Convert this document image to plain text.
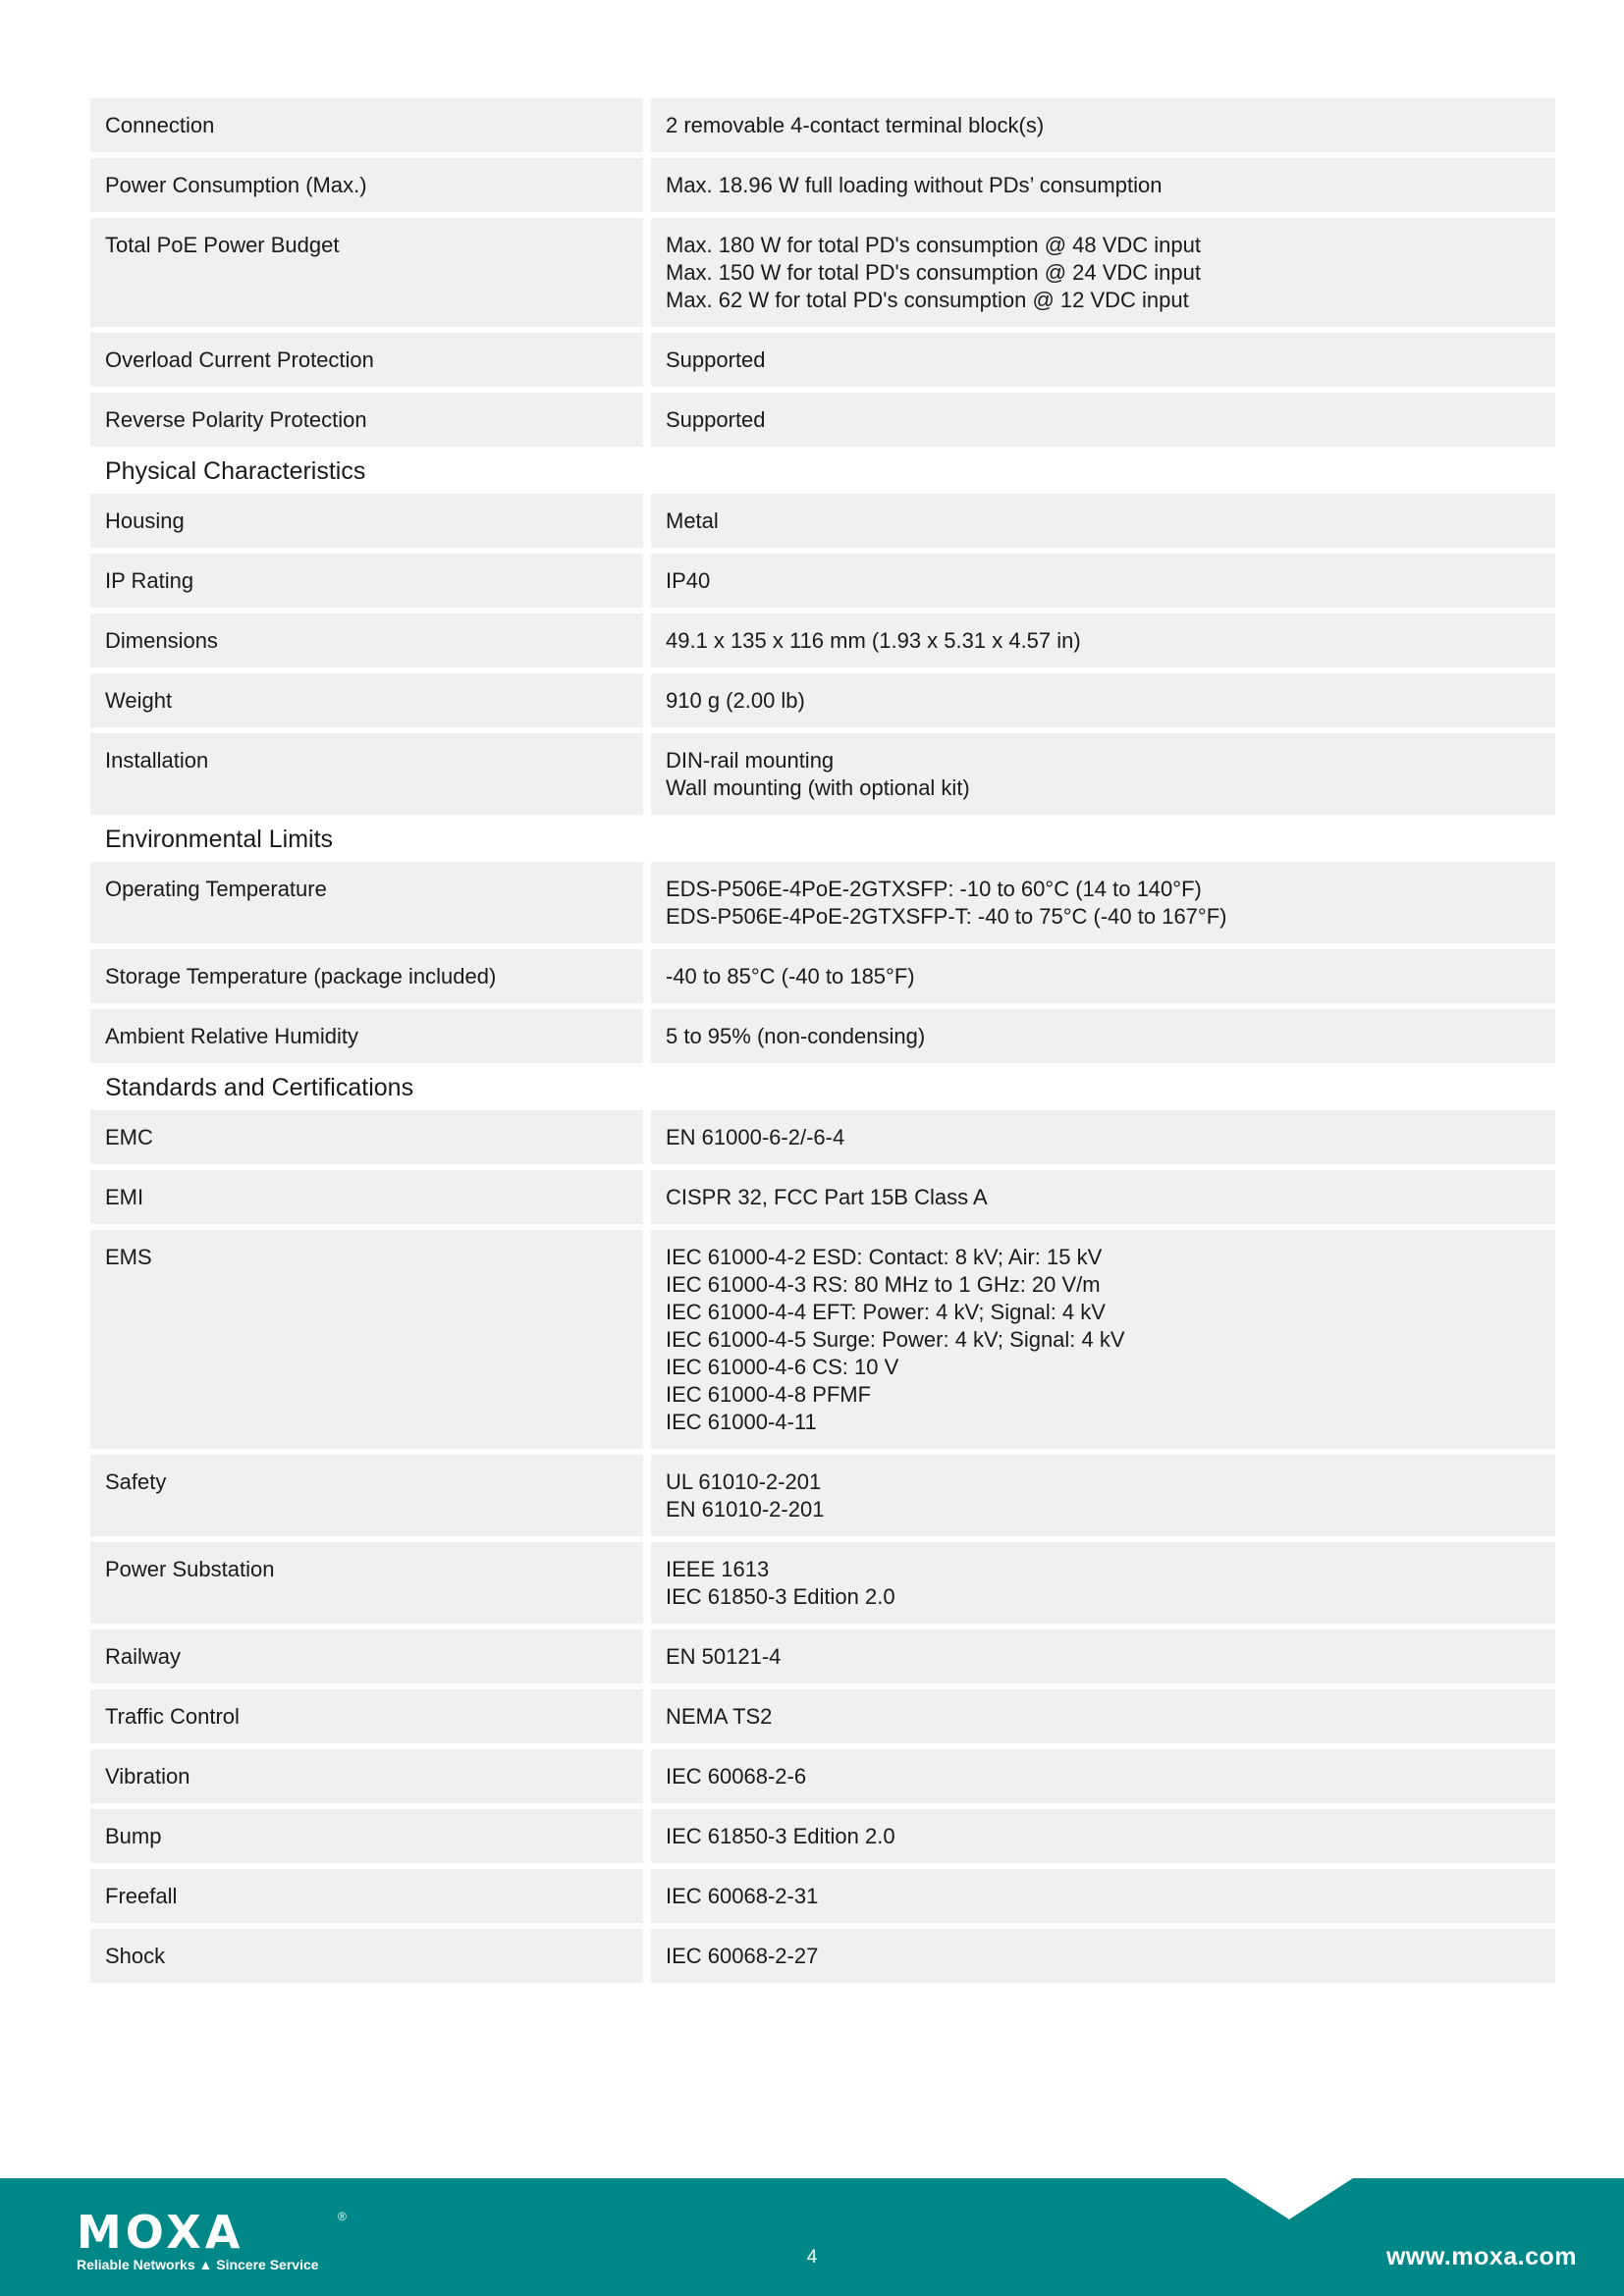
Connection	2 removable 4-contact terminal block(s)
Power Consumption (Max.)	Max. 18.96 W full loading without PDs’ consumption
Total PoE Power Budget	Max. 180 W for total PD's consumption @ 48 VDC input
Max. 150 W for total PD's consumption @ 24 VDC input
Max. 62 W for total PD's consumption @ 12 VDC input
Overload Current Protection	Supported
Reverse Polarity Protection	Supported
Physical Characteristics
Housing	Metal
IP Rating	IP40
Dimensions	49.1 x 135 x 116 mm (1.93 x 5.31 x 4.57 in)
Weight	910 g (2.00 lb)
Installation	DIN-rail mounting
Wall mounting (with optional kit)
Environmental Limits
Operating Temperature	EDS-P506E-4PoE-2GTXSFP: -10 to 60°C (14 to 140°F)
EDS-P506E-4PoE-2GTXSFP-T: -40 to 75°C (-40 to 167°F)
Storage Temperature (package included)	-40 to 85°C (-40 to 185°F)
Ambient Relative Humidity	5 to 95% (non-condensing)
Standards and Certifications
EMC	EN 61000-6-2/-6-4
EMI	CISPR 32, FCC Part 15B Class A
EMS	IEC 61000-4-2 ESD: Contact: 8 kV; Air: 15 kV
IEC 61000-4-3 RS: 80 MHz to 1 GHz: 20 V/m
IEC 61000-4-4 EFT: Power: 4 kV; Signal: 4 kV
IEC 61000-4-5 Surge: Power: 4 kV; Signal: 4 kV
IEC 61000-4-6 CS: 10 V
IEC 61000-4-8 PFMF
IEC 61000-4-11
Safety	UL 61010-2-201
EN 61010-2-201
Power Substation	IEEE 1613
IEC 61850-3 Edition 2.0
Railway	EN 50121-4
Traffic Control	NEMA TS2
Vibration	IEC 60068-2-6
Bump	IEC 61850-3 Edition 2.0
Freefall	IEC 60068-2-31
Shock	IEC 60068-2-27
MOXA	®
Reliable Networks ▲ Sincere Service	4	www.moxa.com
